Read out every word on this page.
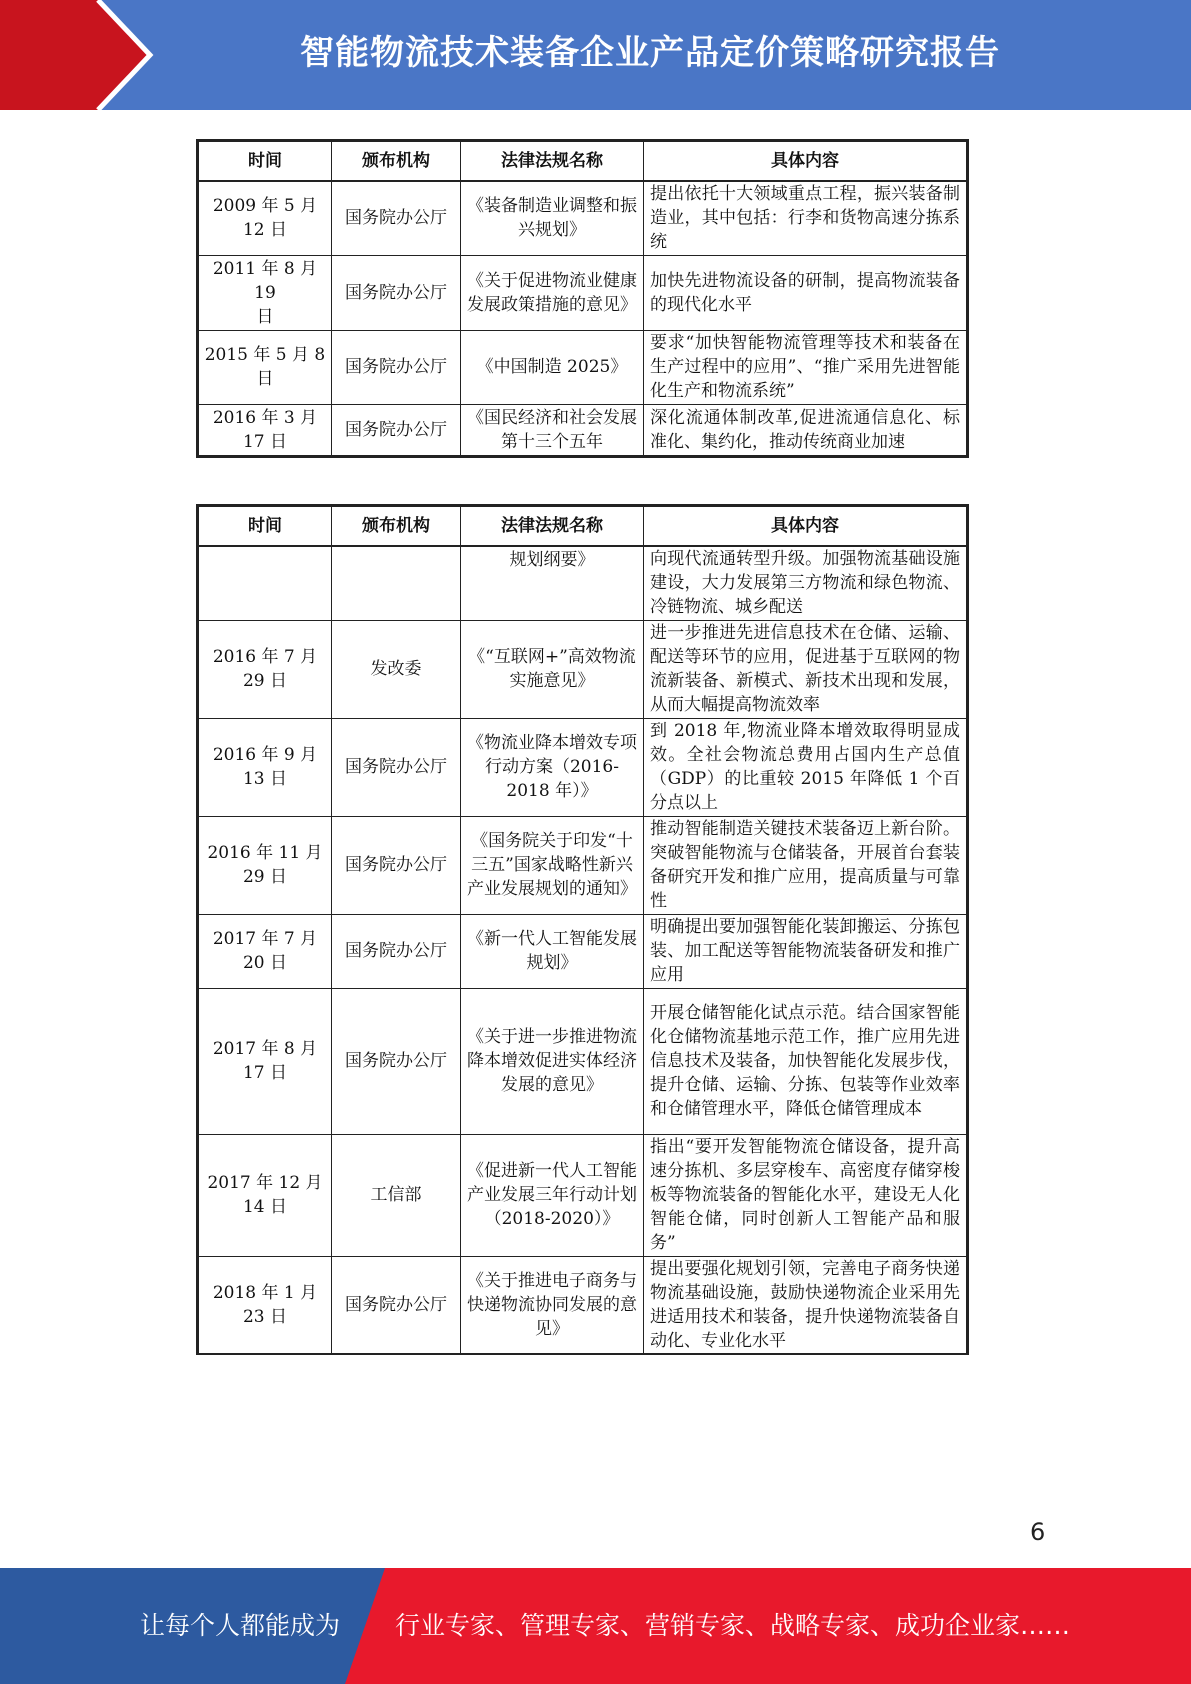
智能物流技术装备企业产品定价策略研究报告
时间	颁布机构	法律法规名称	具体内容
2009 年 5 月
12 日	国务院办公厅	《装备制造业调整和振兴规划》	提出依托十大领域重点工程，振兴装备制造业，其中包括：行李和货物高速分拣系统
2011 年 8 月 19
日	国务院办公厅	《关于促进物流业健康发展政策措施的意见》	加快先进物流设备的研制，提高物流装备的现代化水平
2015 年 5 月 8
日	国务院办公厅	《中国制造 2025》	要求“加快智能物流管理等技术和装备在生产过程中的应用”、“推广采用先进智能化生产和物流系统”
2016 年 3 月
17 日	国务院办公厅	《国民经济和社会发展第十三个五年	深化流通体制改革,促进流通信息化、标准化、集约化，推动传统商业加速
时间	颁布机构	法律法规名称	具体内容
		规划纲要》	向现代流通转型升级。加强物流基础设施建设，大力发展第三方物流和绿色物流、冷链物流、城乡配送
2016 年 7 月
29 日	发改委	《“互联网+”高效物流实施意见》	进一步推进先进信息技术在仓储、运输、配送等环节的应用，促进基于互联网的物流新装备、新模式、新技术出现和发展，从而大幅提高物流效率
2016 年 9 月
13 日	国务院办公厅	《物流业降本增效专项行动方案（2016-2018 年）》	到 2018 年,物流业降本增效取得明显成效。全社会物流总费用占国内生产总值（GDP）的比重较 2015 年降低 1 个百分点以上
2016 年 11 月
29 日	国务院办公厅	《国务院关于印发“十三五”国家战略性新兴产业发展规划的通知》	推动智能制造关键技术装备迈上新台阶。突破智能物流与仓储装备，开展首台套装备研究开发和推广应用，提高质量与可靠性
2017 年 7 月
20 日	国务院办公厅	《新一代人工智能发展规划》	明确提出要加强智能化装卸搬运、分拣包装、加工配送等智能物流装备研发和推广应用
2017 年 8 月
17 日	国务院办公厅	《关于进一步推进物流降本增效促进实体经济发展的意见》	开展仓储智能化试点示范。结合国家智能化仓储物流基地示范工作，推广应用先进信息技术及装备，加快智能化发展步伐，提升仓储、运输、分拣、包装等作业效率和仓储管理水平，降低仓储管理成本
2017 年 12 月
14 日	工信部	《促进新一代人工智能产业发展三年行动计划（2018-2020）》	指出“要开发智能物流仓储设备，提升高速分拣机、多层穿梭车、高密度存储穿梭板等物流装备的智能化水平，建设无人化智能仓储，同时创新人工智能产品和服务”
2018 年 1 月
23 日	国务院办公厅	《关于推进电子商务与快递物流协同发展的意见》	提出要强化规划引领，完善电子商务快递物流基础设施，鼓励快递物流企业采用先进适用技术和装备，提升快递物流装备自动化、专业化水平
6
让每个人都能成为 行业专家、管理专家、营销专家、战略专家、成功企业家……
